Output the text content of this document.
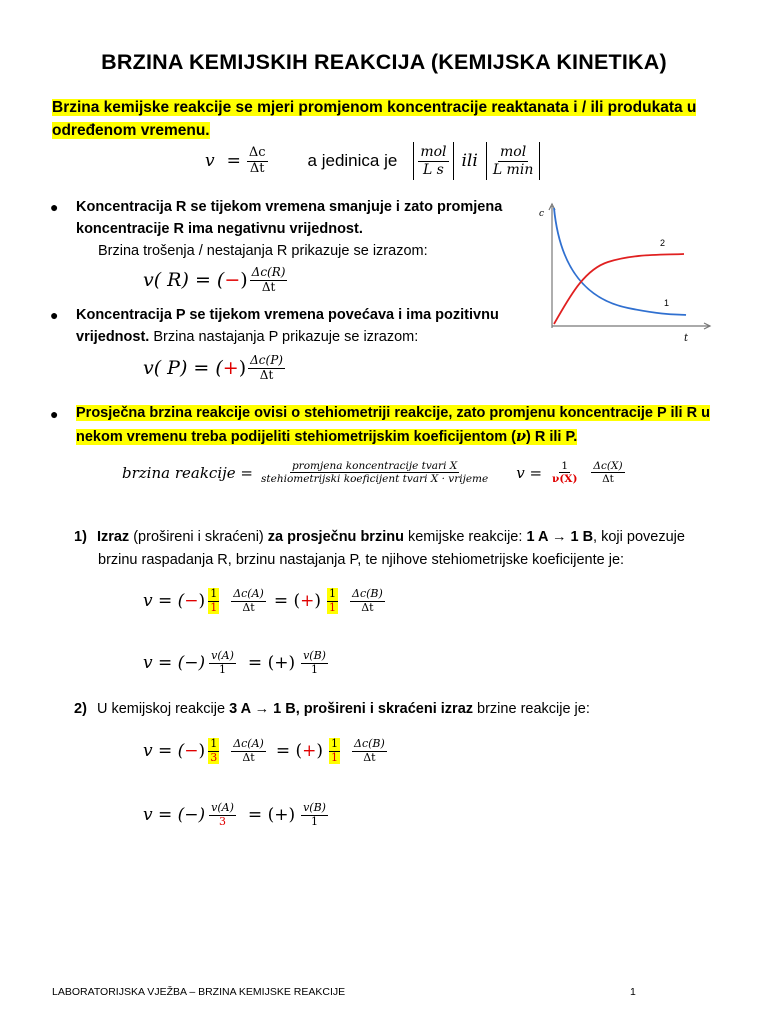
BRZINA KEMIJSKIH REAKCIJA (KEMIJSKA KINETIKA)
Brzina kemijske reakcije se mjeri promjenom koncentracije reaktanata i / ili produkata u
određenom vremenu.
$v = \frac{\Delta c}{\Delta t}$ a jedinica je $\frac{\text{mol}}{\text{L s}}$ ili $\frac{\text{mol}}{\text{L min}}$
● Koncentracija R se tijekom vremena smanjuje i zato promjena
koncentracije R ima negativnu vrijednost.
Brzina trošenja / nestajanja R prikazuje se izrazom:
v( R) = ( − ) $\frac{\Delta c(R)}{\Delta t}$
● Koncentracija P se tijekom vremena povećava i ima pozitivnu
vrijednost. Brzina nastajanja P prikazuje se izrazom:
v( P) = ( + ) $\frac{\Delta c(P)}{\Delta t}$
c
t
2
1
● Prosječna brzina reakcije ovisi o stehiometriji reakcije, zato promjenu koncentracije P ili R u
nekom vremenu treba podijeliti stehiometrijskim koeficijentom (ν) R ili P.
brzina reakcije = $\frac{\text{promjena koncentracije tvari X}}{\text{stehiometrijski koeficijent tvari X · vrijeme}}$ $v = \frac{1}{\nu(X)} \frac{\Delta c(X)}{\Delta t}$
1) Izraz (prošireni i skraćeni) za prosječnu brzinu kemijske reakcije: 1 A → 1 B, koji povezuje
brzinu raspadanja R, brzinu nastajanja P, te njihove stehiometrijske koeficijente je:
v = ( − ) $\frac{1}{1} \frac{\Delta c(A)}{\Delta t}$ = ( + ) $\frac{1}{1} \frac{\Delta c(B)}{\Delta t}$
v = (−) $\frac{v(A)}{1}$ = (+) $\frac{v(B)}{1}$
2) U kemijskoj reakcije 3 A → 1 B, prošireni i skraćeni izraz brzine reakcije je:
v = ( − ) $\frac{1}{3} \frac{\Delta c(A)}{\Delta t}$ = ( + ) $\frac{1}{1} \frac{\Delta c(B)}{\Delta t}$
v = (−) $\frac{v(A)}{3}$ = (+) $\frac{v(B)}{1}$
LABORATORIJSKA VJEŽBA – BRZINA KEMIJSKE REAKCIJE	1
